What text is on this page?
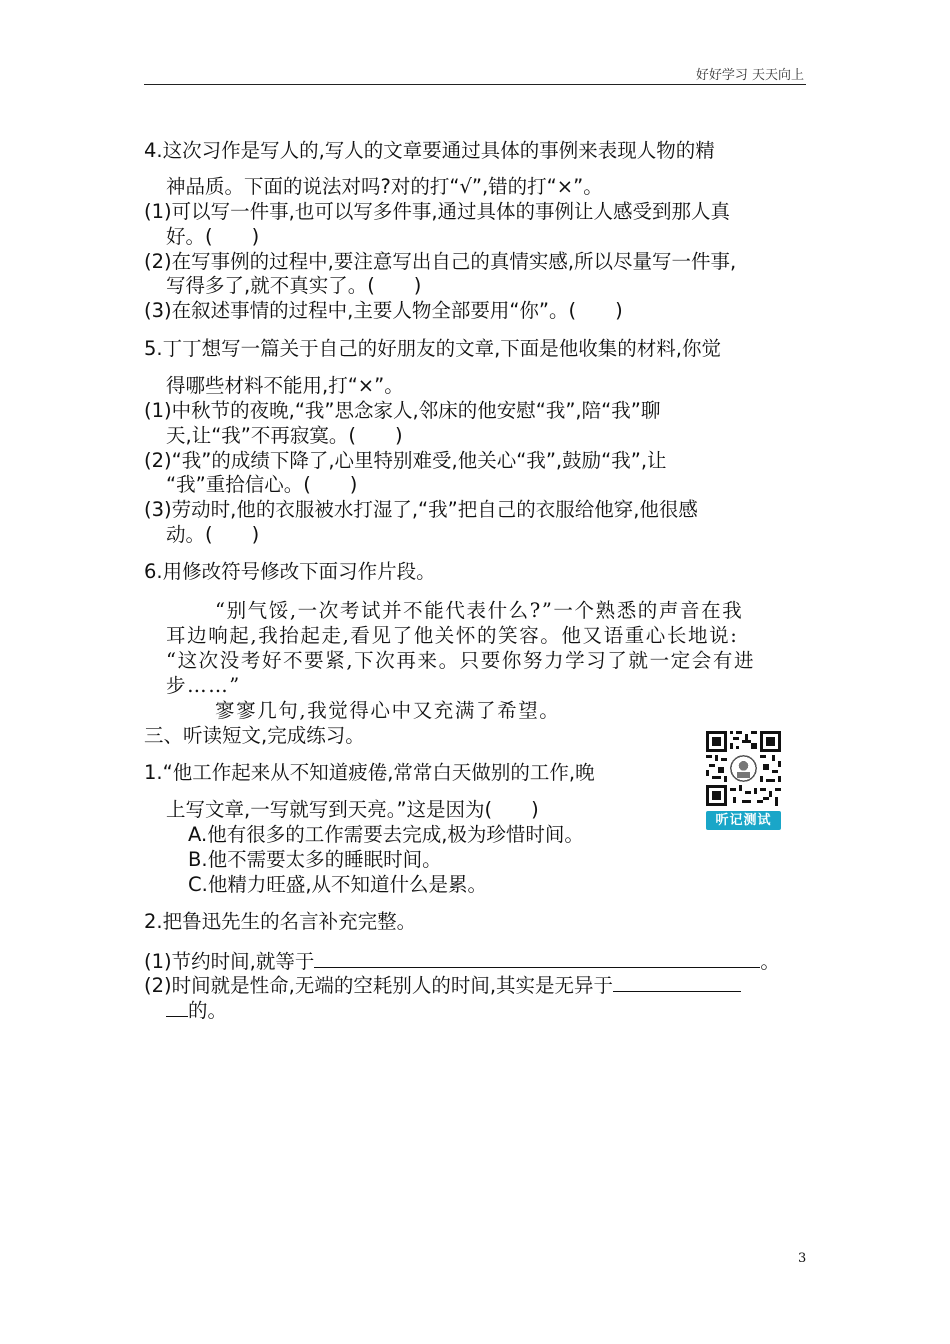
好好学习 天天向上
4.这次习作是写人的,写人的文章要通过具体的事例来表现人物的精
神品质。下面的说法对吗?对的打“√”,错的打“×”。
(1)可以写一件事,也可以写多件事,通过具体的事例让人感受到那人真
好。(　　)
(2)在写事例的过程中,要注意写出自己的真情实感,所以尽量写一件事,
写得多了,就不真实了。(　　)
(3)在叙述事情的过程中,主要人物全部要用“你”。(　　)
5.丁丁想写一篇关于自己的好朋友的文章,下面是他收集的材料,你觉
得哪些材料不能用,打“×”。
(1)中秋节的夜晚,“我”思念家人,邻床的他安慰“我”,陪“我”聊
天,让“我”不再寂寞。(　　)
(2)“我”的成绩下降了,心里特别难受,他关心“我”,鼓励“我”,让
“我”重拾信心。(　　)
(3)劳动时,他的衣服被水打湿了,“我”把自己的衣服给他穿,他很感
动。(　　)
6.用修改符号修改下面习作片段。
“别气馁,一次考试并不能代表什么?”一个熟悉的声音在我
耳边响起,我抬起走,看见了他关怀的笑容。他又语重心长地说:
“这次没考好不要紧,下次再来。只要你努力学习了就一定会有进
步……”
寥寥几句,我觉得心中又充满了希望。
三、听读短文,完成练习。
1.“他工作起来从不知道疲倦,常常白天做别的工作,晚
上写文章,一写就写到天亮。”这是因为(　　)
A.他有很多的工作需要去完成,极为珍惜时间。
B.他不需要太多的睡眠时间。
C.他精力旺盛,从不知道什么是累。
听记测试
2.把鲁迅先生的名言补充完整。
(1)节约时间,就等于	。
(2)时间就是性命,无端的空耗别人的时间,其实是无异于
的。
3
